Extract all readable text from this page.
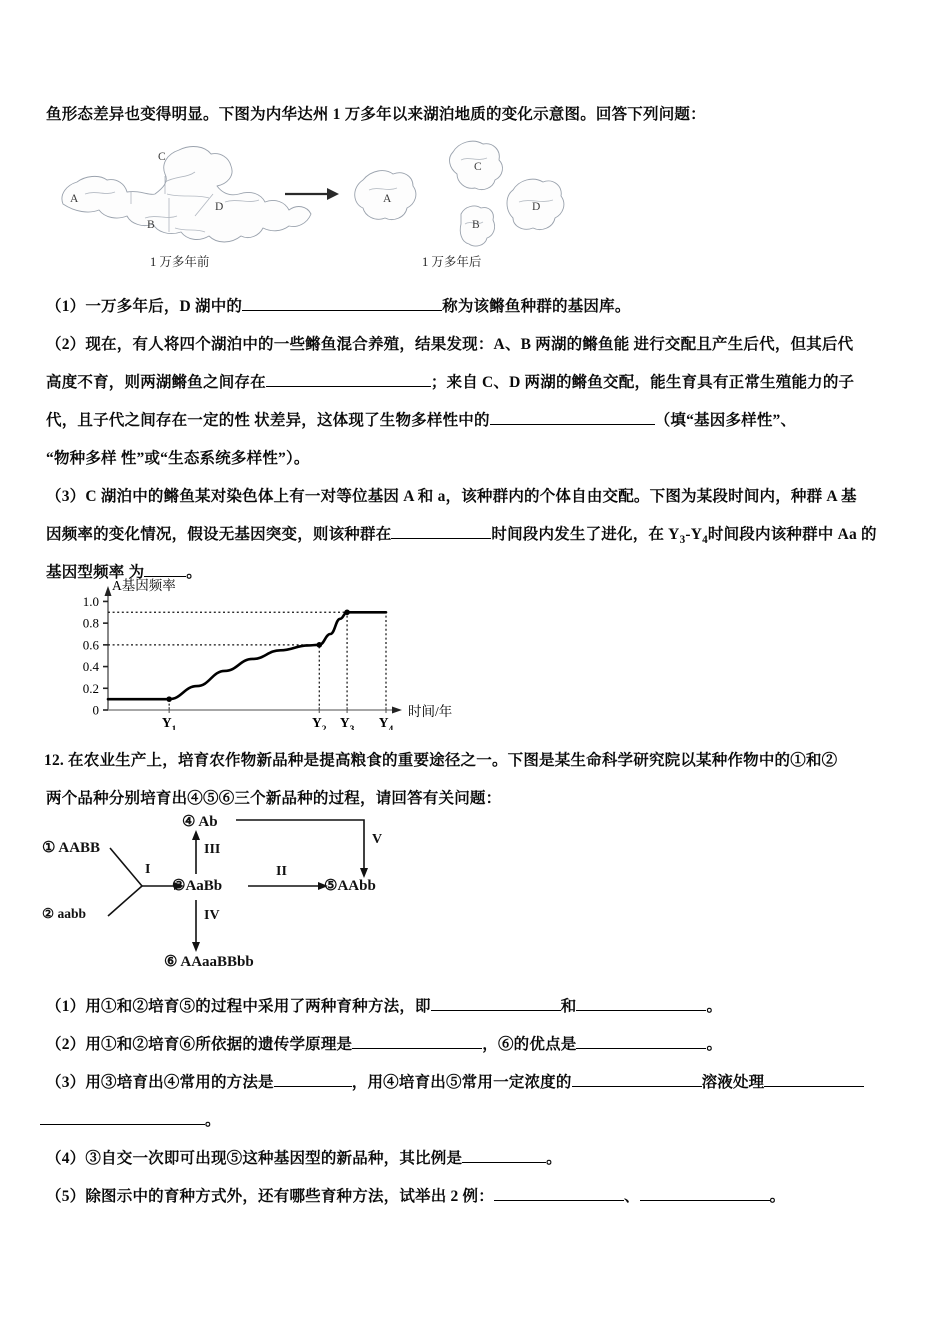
鱼形态差异也变得明显。下图为内华达州 1 万多年以来湖泊地质的变化示意图。回答下列问题：

A
B
C
D
A
B
C
D
1 万多年前	1 万多年后

（1）一万多年后，D 湖中的	称为该鳉鱼种群的基因库。

（2）现在，有人将四个湖泊中的一些鳉鱼混合养殖，结果发现：A、B 两湖的鳉鱼能 进行交配且产生后代，但其后代

高度不育，则两湖鳉鱼之间存在	；来自 C、D 两湖的鳉鱼交配，能生育具有正常生殖能力的子

代，且子代之间存在一定的性 状差异，这体现了生物多样性中的	（填“基因多样性”、

“物种多样 性”或“生态系统多样性”）。

（3）C 湖泊中的鳉鱼某对染色体上有一对等位基因 A 和 a，该种群内的个体自由交配。下图为某段时间内，种群 A 基

因频率的变化情况，假设无基因突变，则该种群在	时间段内发生了进化，在 $Y_3-Y_4$时间段内该种群中 Aa 的

基因型频率 为	。

1.0
0.8
0.6
0.4
0.2
0
$Y_1$	$Y_2$ $Y_3$ $Y_4$
A基因频率
时间/年

12. 在农业生产上，培育农作物新品种是提高粮食的重要途径之一。下图是某生命科学研究院以某种作物中的①和②

两个品种分别培育出④⑤⑥三个新品种的过程，请回答有关问题：

① AABB
② aabb
③AaBb
④ Ab
⑤AAbb
⑥ AAaaBBbb
I	II
III
IV
V

（1）用①和②培育⑤的过程中采用了两种育种方法，即	和	。

（2）用①和②培育⑥所依据的遗传学原理是	，⑥的优点是	。

（3）用③培育出④常用的方法是	，用④培育出⑤常用一定浓度的	溶液处理

。

（4）③自交一次即可出现⑤这种基因型的新品种，其比例是	。

（5）除图示中的育种方式外，还有哪些育种方法，试举出 2 例：	、	。
